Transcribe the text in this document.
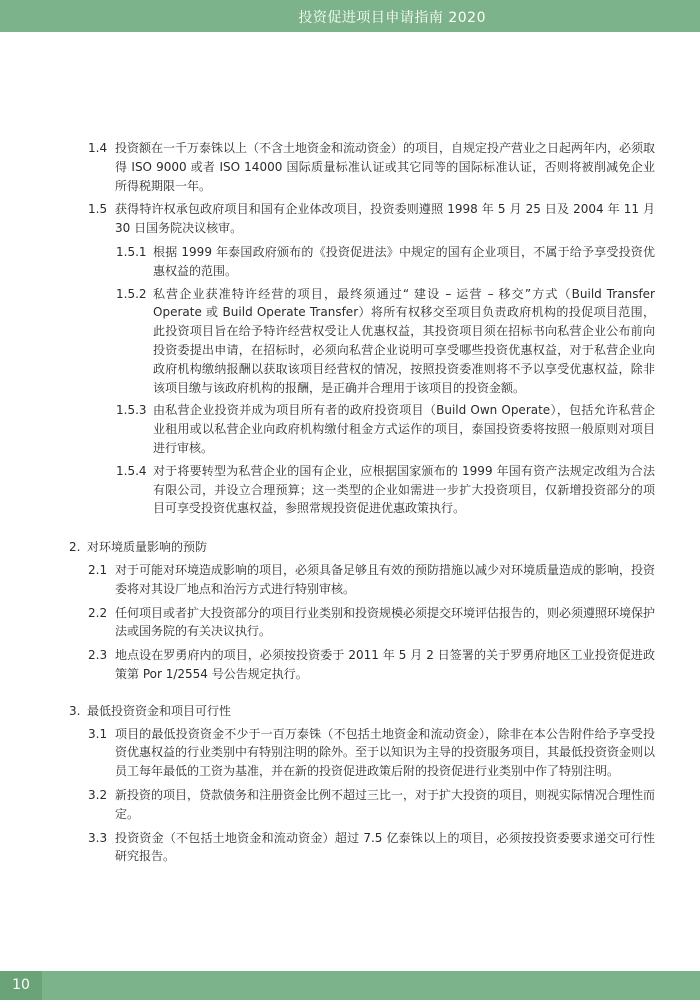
投资促进项目申请指南 2020
1.4 投资额在一千万泰铢以上（不含土地资金和流动资金）的项目，自规定投产营业之日起两年内，必须取得 ISO 9000 或者 ISO 14000 国际质量标准认证或其它同等的国际标准认证，否则将被削减免企业所得税期限一年。
1.5 获得特许权承包政府项目和国有企业体改项目，投资委则遵照 1998 年 5 月 25 日及 2004 年 11 月 30 日国务院决议核审。
1.5.1 根据 1999 年泰国政府颁布的《投资促进法》中规定的国有企业项目，不属于给予享受投资优惠权益的范围。
1.5.2 私营企业获准特许经营的项目，最终须通过“ 建设 – 运营 – 移交”方式（Build Transfer Operate 或 Build Operate Transfer）将所有权移交至项目负责政府机构的投促项目范围，此投资项目旨在给予特许经营权受让人优惠权益，其投资项目须在招标书向私营企业公布前向投资委提出申请，在招标时，必须向私营企业说明可享受哪些投资优惠权益，对于私营企业向政府机构缴纳报酬以获取该项目经营权的情况，按照投资委准则将不予以享受优惠权益，除非该项目缴与该政府机构的报酬，是正确并合理用于该项目的投资金额。
1.5.3 由私营企业投资并成为项目所有者的政府投资项目（Build Own Operate），包括允许私营企业租用或以私营企业向政府机构缴付租金方式运作的项目，泰国投资委将按照一般原则对项目进行审核。
1.5.4 对于将要转型为私营企业的国有企业，应根据国家颁布的 1999 年国有资产法规定改组为合法有限公司，并设立合理预算；这一类型的企业如需进一步扩大投资项目，仅新增投资部分的项目可享受投资优惠权益，参照常规投资促进优惠政策执行。
2. 对环境质量影响的预防
2.1 对于可能对环境造成影响的项目，必须具备足够且有效的预防措施以减少对环境质量造成的影响，投资委将对其设厂地点和治污方式进行特别审核。
2.2 任何项目或者扩大投资部分的项目行业类别和投资规模必须提交环境评估报告的，则必须遵照环境保护法或国务院的有关决议执行。
2.3 地点设在罗勇府内的项目，必须按投资委于 2011 年 5 月 2 日签署的关于罗勇府地区工业投资促进政策第 Por 1/2554 号公告规定执行。
3. 最低投资资金和项目可行性
3.1 项目的最低投资资金不少于一百万泰铢（不包括土地资金和流动资金），除非在本公告附件给予享受投资优惠权益的行业类别中有特别注明的除外。至于以知识为主导的投资服务项目，其最低投资资金则以员工每年最低的工资为基准，并在新的投资促进政策后附的投资促进行业类别中作了特别注明。
3.2 新投资的项目，贷款债务和注册资金比例不超过三比一，对于扩大投资的项目，则视实际情况合理性而定。
3.3 投资资金（不包括土地资金和流动资金）超过 7.5 亿泰铢以上的项目，必须按投资委要求递交可行性研究报告。
10
